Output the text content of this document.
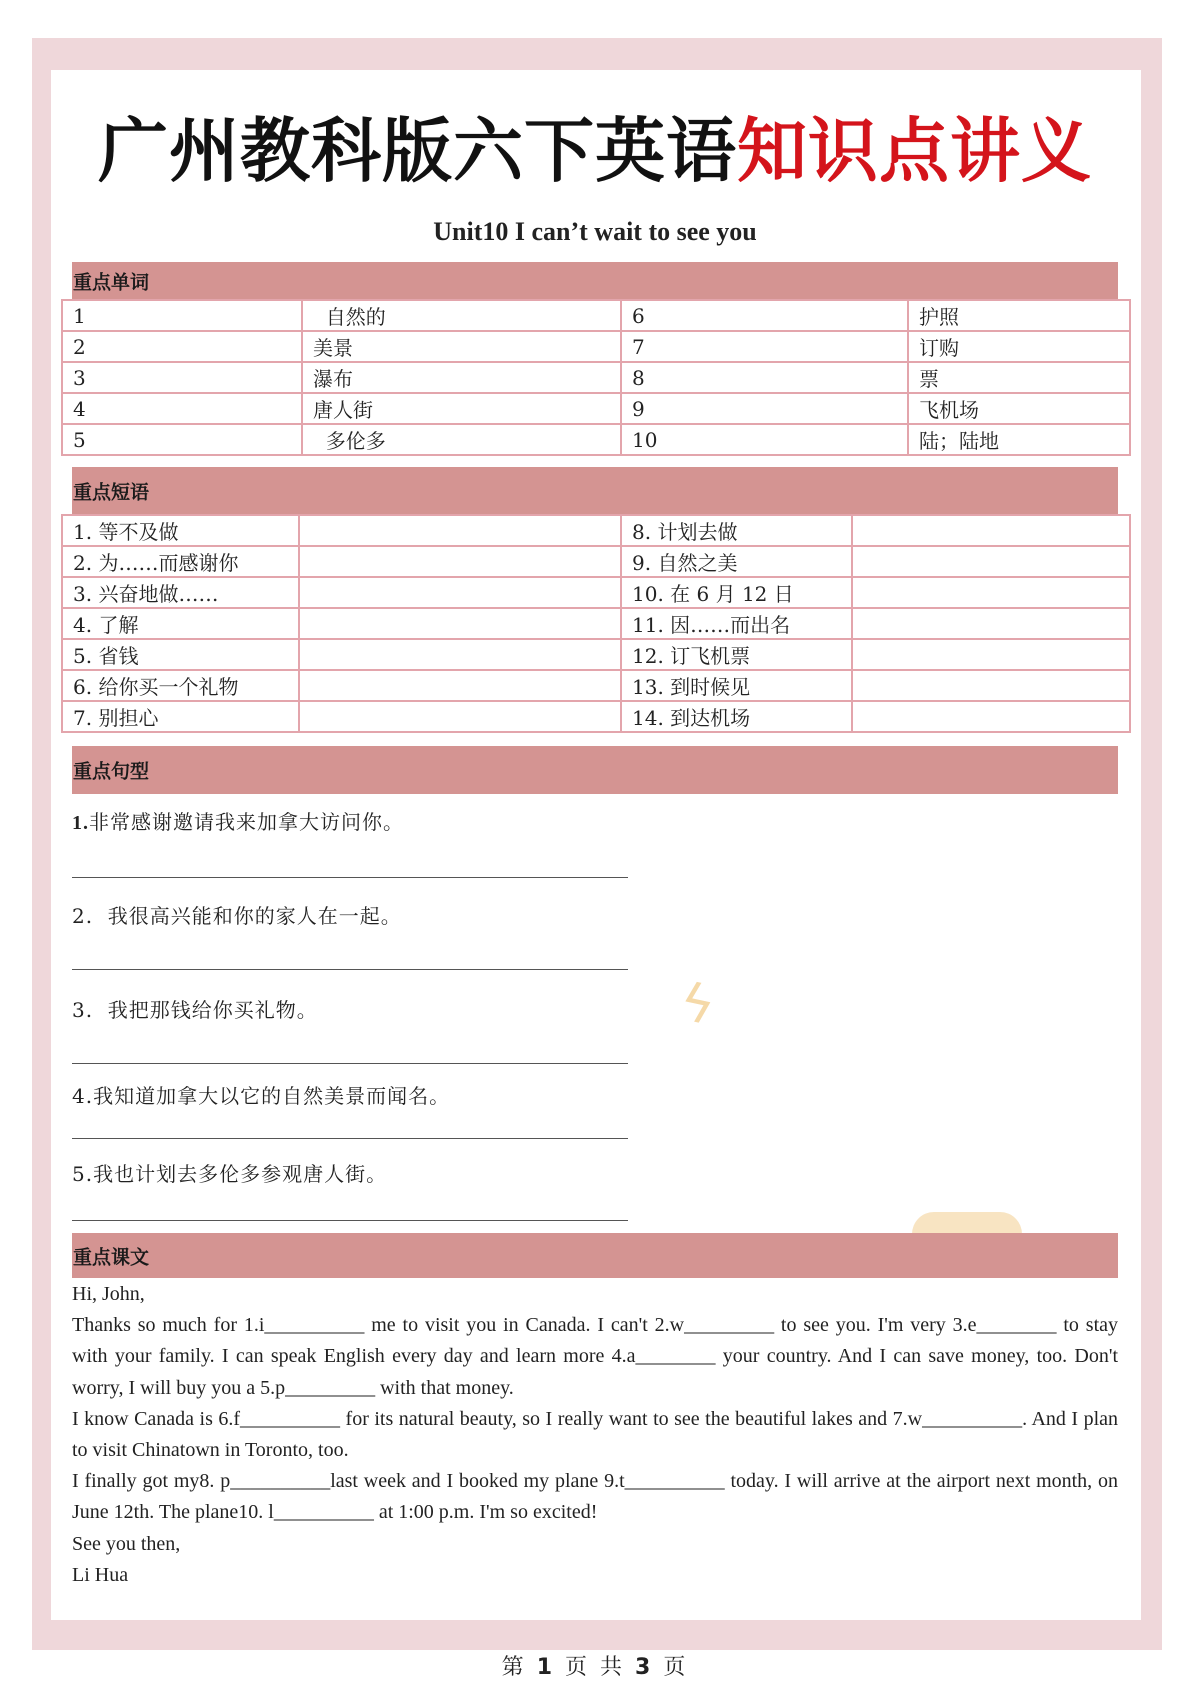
ϟ
广州教科版六下英语知识点讲义
Unit10 I can’t wait to see you
重点单词
1	自然的	6	护照
2	美景	7	订购
3	瀑布	8	票
4	唐人街	9	飞机场
5	多伦多	10	陆；陆地
重点短语
1. 等不及做		8. 计划去做	
2. 为……而感谢你		9. 自然之美	
3. 兴奋地做……		10. 在 6 月 12 日	
4. 了解		11. 因……而出名	
5. 省钱		12. 订飞机票	
6. 给你买一个礼物		13. 到时候见	
7. 别担心		14. 到达机场	
重点句型
1.非常感谢邀请我来加拿大访问你。
2.  我很高兴能和你的家人在一起。
3.  我把那钱给你买礼物。
4.我知道加拿大以它的自然美景而闻名。
5.我也计划去多伦多参观唐人街。
重点课文

Hi, John,

Thanks so much for 1.i__________ me to visit you in Canada. I can't 2.w_________ to see you. I'm very 3.e________ to stay with your family. I can speak English every day and learn more 4.a________ your country. And I can save money, too. Don't worry, I will buy you a 5.p_________ with that money.

I know Canada is 6.f__________ for its natural beauty, so I really want to see the beautiful lakes and 7.w__________. And I plan to visit Chinatown in Toronto, too.

I finally got my8. p__________last week and I booked my plane 9.t__________ today. I will arrive at the airport next month, on June 12th. The plane10. l__________ at 1:00 p.m. I'm so excited!

See you then,

Li Hua

第 1 页 共 3 页
